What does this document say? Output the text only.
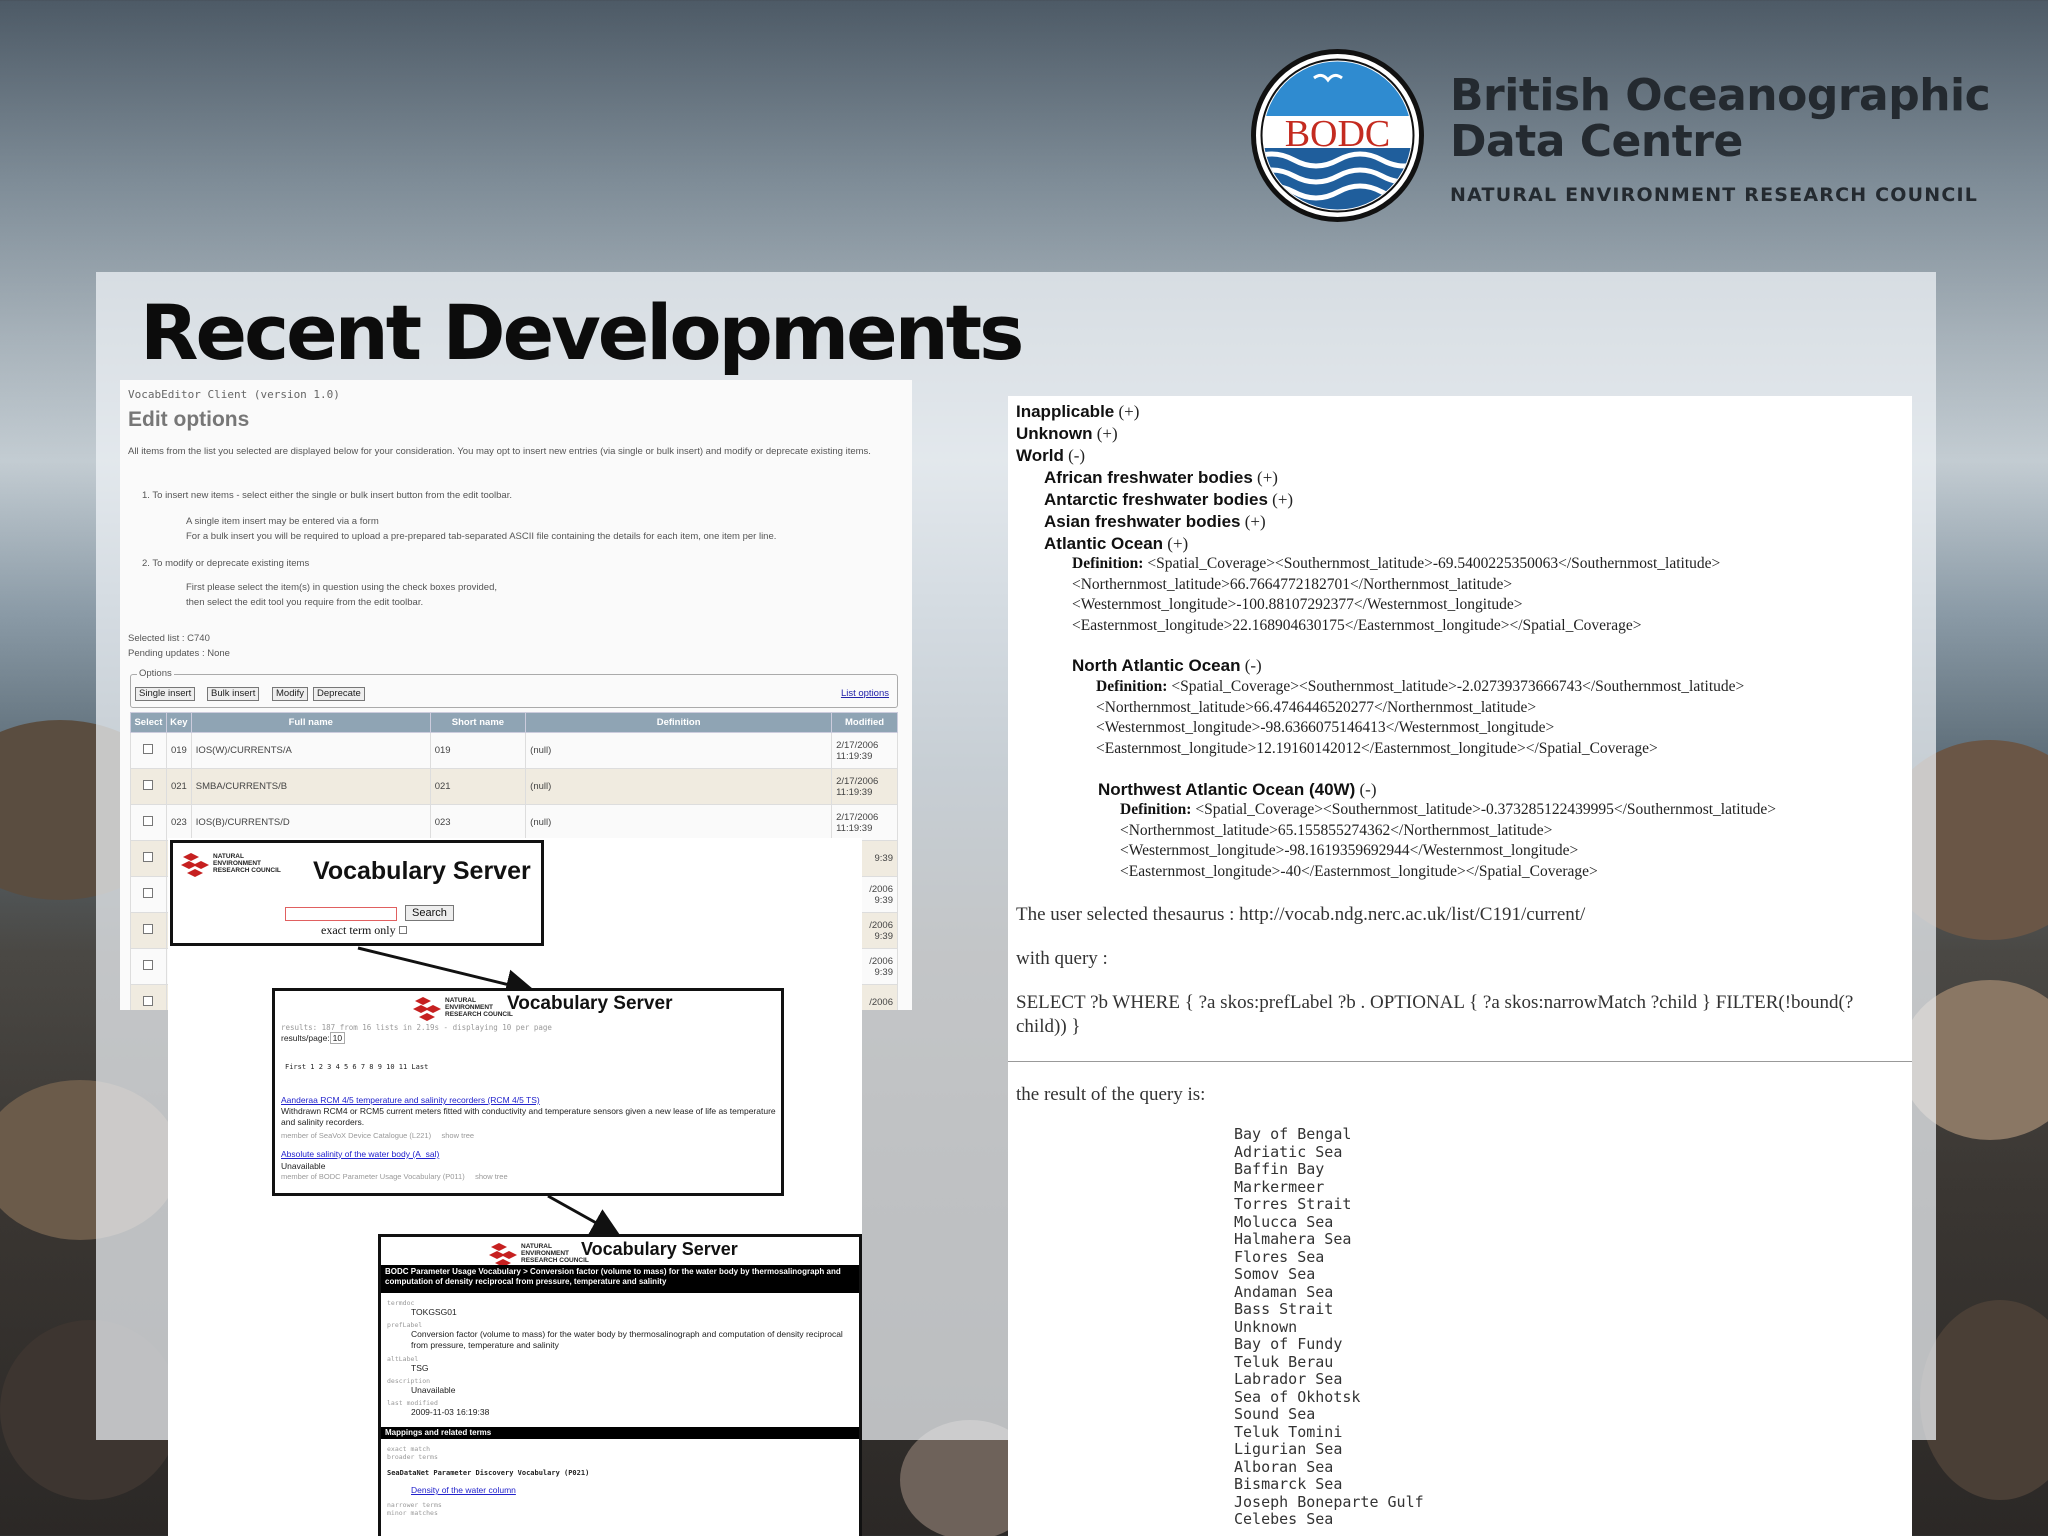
BODC
British Oceanographic
Data Centre
NATURAL ENVIRONMENT RESEARCH COUNCIL
Recent Developments
VocabEditor Client (version 1.0)
Edit options
All items from the list you selected are displayed below for your consideration. You may opt to insert new entries (via single or bulk insert) and modify or deprecate existing items.
1. To insert new items - select either the single or bulk insert button from the edit toolbar.
A single item insert may be entered via a form
For a bulk insert you will be required to upload a pre-prepared tab-separated ASCII file containing the details for each item, one item per line.
2. To modify or deprecate existing items
First please select the item(s) in question using the check boxes provided,
then select the edit tool you require from the edit toolbar.
Selected list : C740
Pending updates : None
Options
Single insert	Bulk insert	Modify	Deprecate	List options
Select	Key	Full name	Short name	Definition	Modified
	019	IOS(W)/CURRENTS/A	019	(null)	2/17/2006
11:19:39

	021	SMBA/CURRENTS/B	021	(null)	2/17/2006
11:19:39

	023	IOS(B)/CURRENTS/D	023	(null)	2/17/2006
11:19:39

					9:39

					/2006
9:39

					/2006
9:39

					/2006
9:39

					/2006
NATURAL
ENVIRONMENT
RESEARCH COUNCIL Vocabulary Server
Search
exact term only
NATURAL
ENVIRONMENT
RESEARCH COUNCIL
Vocabulary Server
results: 187 from 16 lists in 2.19s - displaying 10 per page
results/page: 10
First 1 2 3 4 5 6 7 8 9 10 11 Last
Aanderaa RCM 4/5 temperature and salinity recorders (RCM 4/5 TS)
Withdrawn RCM4 or RCM5 current meters fitted with conductivity and temperature sensors given a new lease of life as temperature and salinity recorders.
member of SeaVoX Device Catalogue (L221) show tree
Absolute salinity of the water body (A_sal)
Unavailable
member of BODC Parameter Usage Vocabulary (P011) show tree
NATURAL
ENVIRONMENT
RESEARCH COUNCIL
Vocabulary Server
BODC Parameter Usage Vocabulary > Conversion factor (volume to mass) for the water body by thermosalinograph and computation of density reciprocal from pressure, temperature and salinity
termdoc
TOKGSG01
prefLabel
Conversion factor (volume to mass) for the water body by thermosalinograph and computation of density reciprocal from pressure, temperature and salinity
altLabel
TSG
description
Unavailable
last modified
2009-11-03 16:19:38
Mappings and related terms
exact match
broader terms
SeaDataNet Parameter Discovery Vocabulary (P021)
Density of the water column
narrower terms
minor matches
Inapplicable (+)
Unknown (+)
World (-)
African freshwater bodies (+)
Antarctic freshwater bodies (+)
Asian freshwater bodies (+)
Atlantic Ocean (+)
Definition: <Spatial_Coverage><Southernmost_latitude>-69.5400225350063</Southernmost_latitude><Northernmost_latitude>66.7664772182701</Northernmost_latitude><Westernmost_longitude>-100.88107292377</Westernmost_longitude><Easternmost_longitude>22.168904630175</Easternmost_longitude></Spatial_Coverage>
North Atlantic Ocean (-)
Definition: <Spatial_Coverage><Southernmost_latitude>-2.02739373666743</Southernmost_latitude><Northernmost_latitude>66.4746446520277</Northernmost_latitude><Westernmost_longitude>-98.6366075146413</Westernmost_longitude><Easternmost_longitude>12.19160142012</Easternmost_longitude></Spatial_Coverage>
Northwest Atlantic Ocean (40W) (-)
Definition: <Spatial_Coverage><Southernmost_latitude>-0.373285122439995</Southernmost_latitude><Northernmost_latitude>65.155855274362</Northernmost_latitude><Westernmost_longitude>-98.1619359692944</Westernmost_longitude><Easternmost_longitude>-40</Easternmost_longitude></Spatial_Coverage>
The user selected thesaurus : http://vocab.ndg.nerc.ac.uk/list/C191/current/
with query :
SELECT ?b WHERE { ?a skos:prefLabel ?b . OPTIONAL { ?a skos:narrowMatch ?child } FILTER(!bound(?
child)) }
the result of the query is:
Bay of Bengal
Adriatic Sea
Baffin Bay
Markermeer
Torres Strait
Molucca Sea
Halmahera Sea
Flores Sea
Somov Sea
Andaman Sea
Bass Strait
Unknown
Bay of Fundy
Teluk Berau
Labrador Sea
Sea of Okhotsk
Sound Sea
Teluk Tomini
Ligurian Sea
Alboran Sea
Bismarck Sea
Joseph Boneparte Gulf
Celebes Sea
